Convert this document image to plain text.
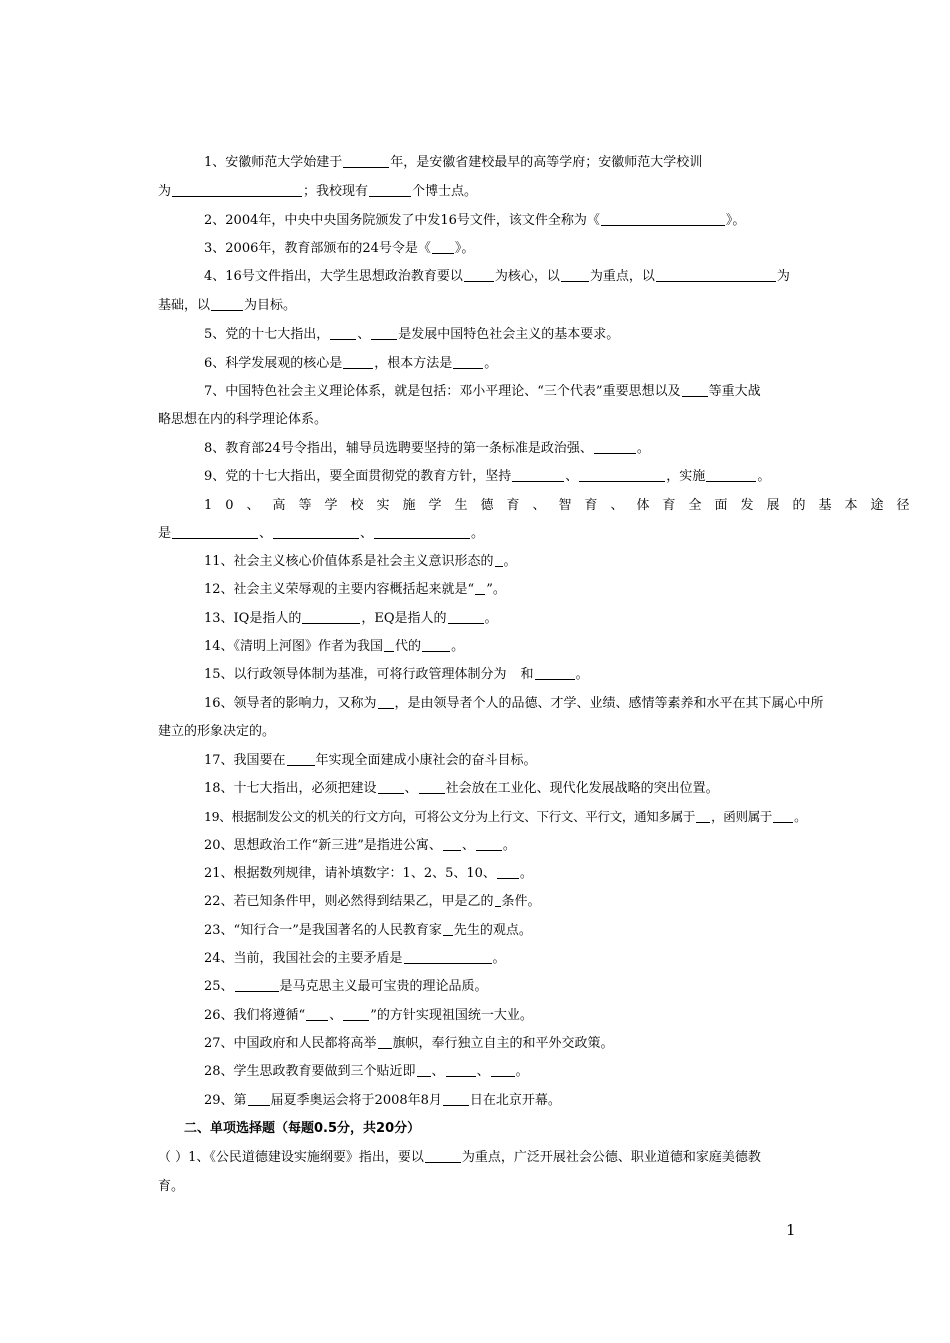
1、安徽师范大学始建于	年，是安徽省建校最早的高等学府；安徽师范大学校训
为	；我校现有	个博士点。
2、2004年，中央中央国务院颁发了中发16号文件，该文件全称为《	》。
3、2006年，教育部颁布的24号令是《 》。
4、16号文件指出，大学生思想政治教育要以 为核心，以 为重点，以	为
基础，以	为目标。
5、党的十七大指出， 、 是发展中国特色社会主义的基本要求。
6、科学发展观的核心是 ，根本方法是 。
7、中国特色社会主义理论体系，就是包括：邓小平理论、“三个代表”重要思想以及 等重大战
略思想在内的科学理论体系。
8、教育部24号令指出，辅导员选聘要坚持的第一条标准是政治强、	。
9、党的十七大指出，要全面贯彻党的教育方针，坚持	、	，实施	。
10、高等学校实施学生德育、智育、体育全面发展的基本途径
是	、	、	。
11、社会主义核心价值体系是社会主义意识形态的 。
12、社会主义荣辱观的主要内容概括起来就是“ ”。
13、IQ是指人的	，EQ是指人的	。
14、《清明上河图》作者为我国 代的 。
15、以行政领导体制为基准，可将行政管理体制分为 和	。
16、领导者的影响力，又称为 ，是由领导者个人的品德、才学、业绩、感情等素养和水平在其下属心中所
建立的形象决定的。
17、我国要在 年实现全面建成小康社会的奋斗目标。
18、十七大指出，必须把建设 、 社会放在工业化、现代化发展战略的突出位置。
19、根据制发公文的机关的行文方向，可将公文分为上行文、下行文、平行文，通知多属于 ，函则属于 。
20、思想政治工作“新三进”是指进公寓、 、 。
21、根据数列规律，请补填数字：1、2、5、10、 。
22、若已知条件甲，则必然得到结果乙，甲是乙的 条件。
23、“知行合一”是我国著名的人民教育家 先生的观点。
24、当前，我国社会的主要矛盾是	。
25、	是马克思主义最可宝贵的理论品质。
26、我们将遵循“ 、 ”的方针实现祖国统一大业。
27、中国政府和人民都将高举 旗帜，奉行独立自主的和平外交政策。
28、学生思政教育要做到三个贴近即 、 、 。
29、第 届夏季奥运会将于2008年8月 日在北京开幕。
二、单项选择题（每题0.5分，共20分）
（ ）1、《公民道德建设实施纲要》指出，要以	为重点，广泛开展社会公德、职业道德和家庭美德教
育。
1
